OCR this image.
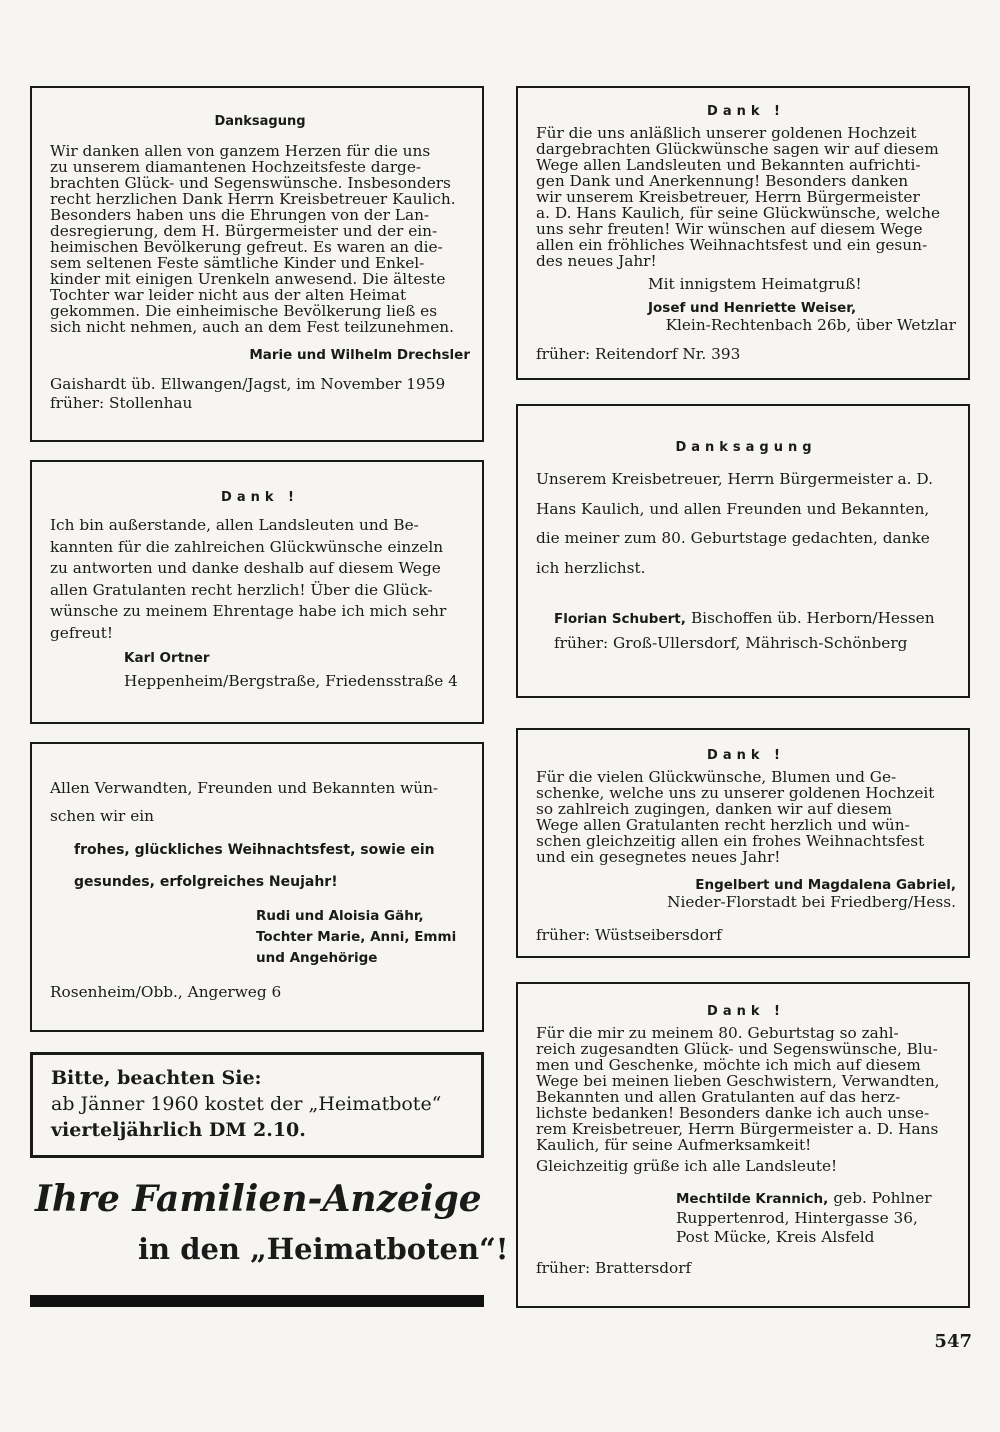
Danksagung
Wir danken allen von ganzem Herzen für die uns
zu unserem diamantenen Hochzeitsfeste darge-
brachten Glück- und Segenswünsche. Insbesonders
recht herzlichen Dank Herrn Kreisbetreuer Kaulich.
Besonders haben uns die Ehrungen von der Lan-
desregierung, dem H. Bürgermeister und der ein-
heimischen Bevölkerung gefreut. Es waren an die-
sem seltenen Feste sämtliche Kinder und Enkel-
kinder mit einigen Urenkeln anwesend. Die älteste
Tochter war leider nicht aus der alten Heimat
gekommen. Die einheimische Bevölkerung ließ es
sich nicht nehmen, auch an dem Fest teilzunehmen.
Marie und Wilhelm Drechsler
Gaishardt üb. Ellwangen/Jagst, im November 1959
früher: Stollenhau
Dank !
Ich bin außerstande, allen Landsleuten und Be-
kannten für die zahlreichen Glückwünsche einzeln
zu antworten und danke deshalb auf diesem Wege
allen Gratulanten recht herzlich! Über die Glück-
wünsche zu meinem Ehrentage habe ich mich sehr
gefreut!
Karl Ortner
Heppenheim/Bergstraße, Friedensstraße 4
Allen Verwandten, Freunden und Bekannten wün-
schen wir ein
frohes, glückliches Weihnachtsfest, sowie ein
gesundes, erfolgreiches Neujahr!
Rudi und Aloisia Gähr,
Tochter Marie, Anni, Emmi
und Angehörige
Rosenheim/Obb., Angerweg 6
Bitte, beachten Sie:
ab Jänner 1960 kostet der „Heimatbote“
vierteljährlich DM 2.10.
Ihre Familien-Anzeige
in den „Heimatboten“!
Dank !
Für die uns anläßlich unserer goldenen Hochzeit
dargebrachten Glückwünsche sagen wir auf diesem
Wege allen Landsleuten und Bekannten aufrichti-
gen Dank und Anerkennung! Besonders danken
wir unserem Kreisbetreuer, Herrn Bürgermeister
a. D. Hans Kaulich, für seine Glückwünsche, welche
uns sehr freuten! Wir wünschen auf diesem Wege
allen ein fröhliches Weihnachtsfest und ein gesun-
des neues Jahr!
Mit innigstem Heimatgruß!
Josef und Henriette Weiser,
Klein-Rechtenbach 26b, über Wetzlar
früher: Reitendorf Nr. 393
Danksagung
Unserem Kreisbetreuer, Herrn Bürgermeister a. D.
Hans Kaulich, und allen Freunden und Bekannten,
die meiner zum 80. Geburtstage gedachten, danke
ich herzlichst.
Florian Schubert, Bischoffen üb. Herborn/Hessen
früher: Groß-Ullersdorf, Mährisch-Schönberg
Dank !
Für die vielen Glückwünsche, Blumen und Ge-
schenke, welche uns zu unserer goldenen Hochzeit
so zahlreich zugingen, danken wir auf diesem
Wege allen Gratulanten recht herzlich und wün-
schen gleichzeitig allen ein frohes Weihnachtsfest
und ein gesegnetes neues Jahr!
Engelbert und Magdalena Gabriel,
Nieder-Florstadt bei Friedberg/Hess.
früher: Wüstseibersdorf
Dank !
Für die mir zu meinem 80. Geburtstag so zahl-
reich zugesandten Glück- und Segenswünsche, Blu-
men und Geschenke, möchte ich mich auf diesem
Wege bei meinen lieben Geschwistern, Verwandten,
Bekannten und allen Gratulanten auf das herz-
lichste bedanken! Besonders danke ich auch unse-
rem Kreisbetreuer, Herrn Bürgermeister a. D. Hans
Kaulich, für seine Aufmerksamkeit!
Gleichzeitig grüße ich alle Landsleute!
Mechtilde Krannich, geb. Pohlner
Ruppertenrod, Hintergasse 36,
Post Mücke, Kreis Alsfeld
früher: Brattersdorf
547
